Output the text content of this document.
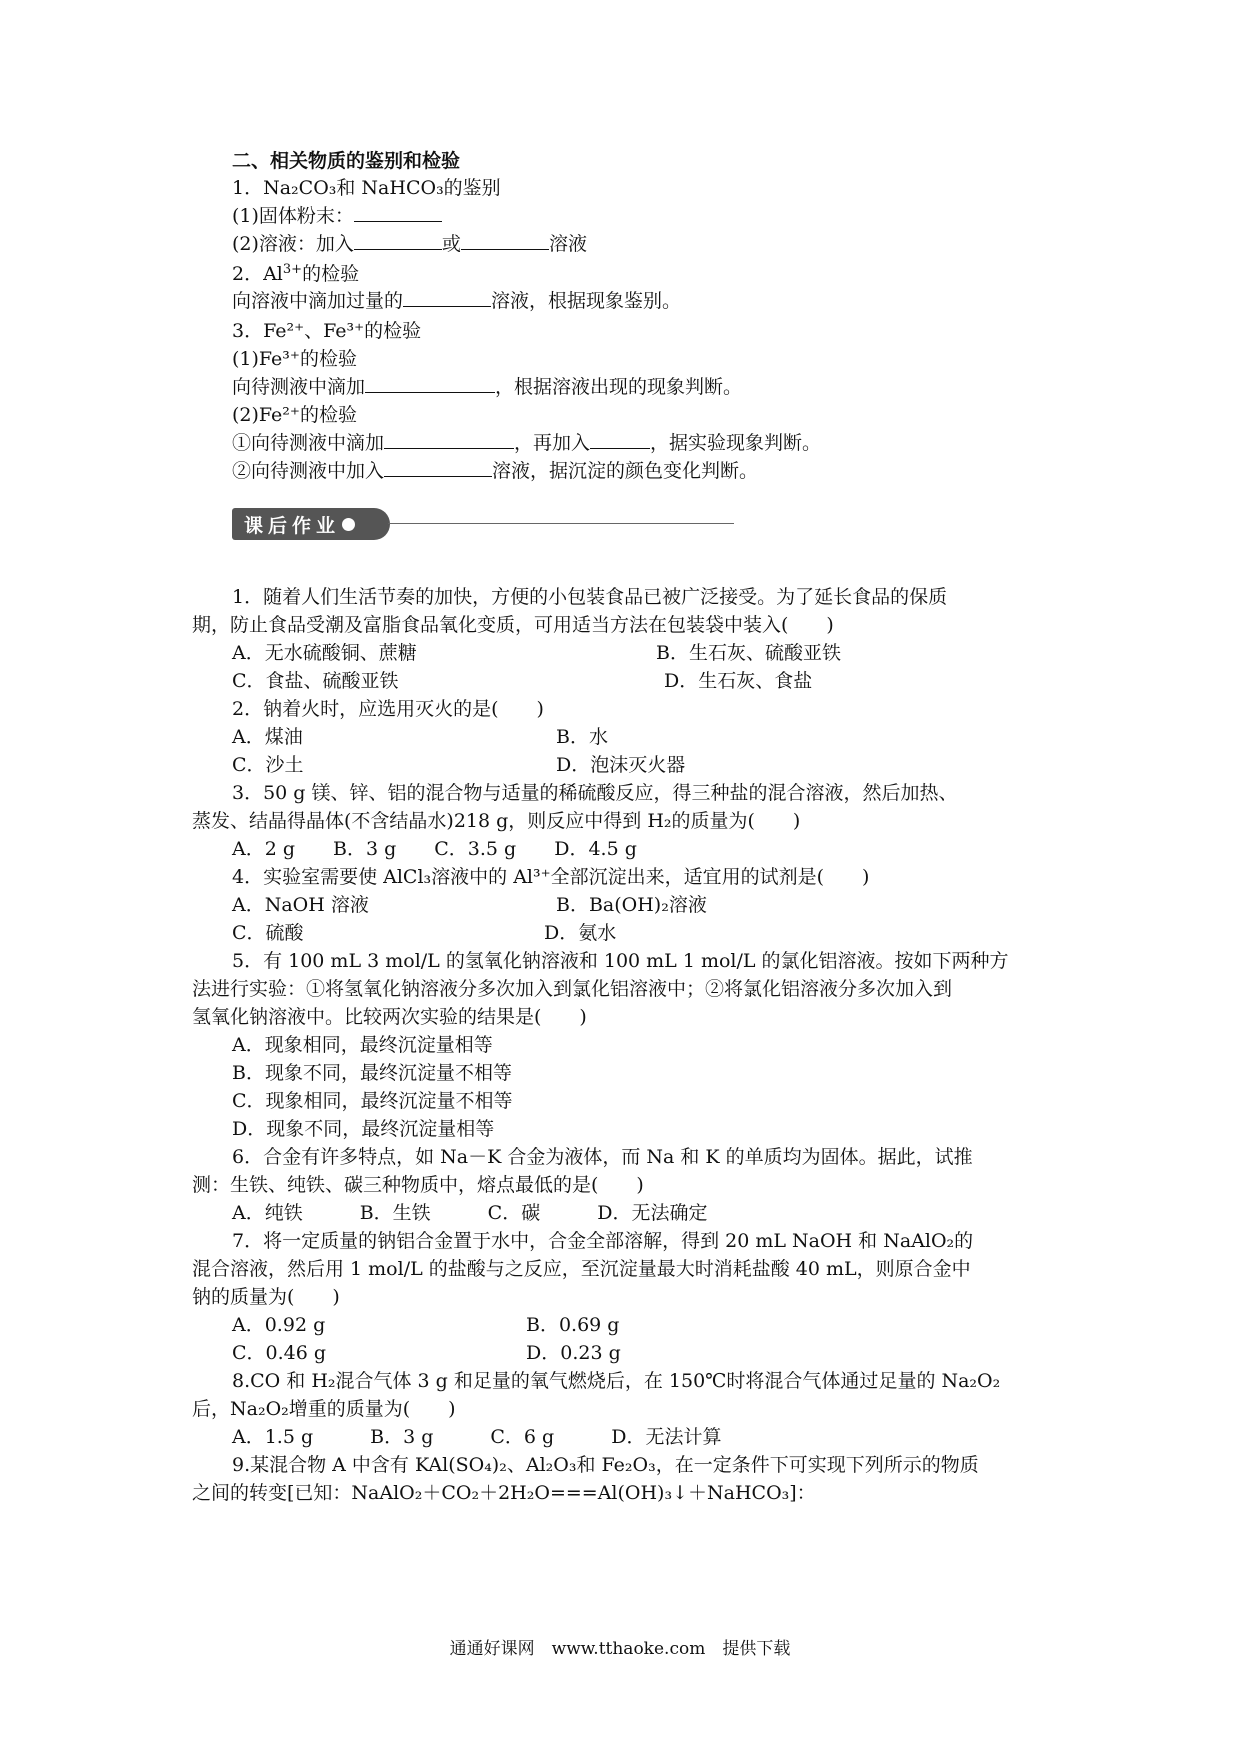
二、相关物质的鉴别和检验
1．Na₂CO₃和 NaHCO₃的鉴别
(1)固体粉末：
(2)溶液：加入	或	溶液
2．$Al^{3+}$的检验
向溶液中滴加过量的	溶液，根据现象鉴别。
3．Fe²⁺、Fe³⁺的检验
(1)Fe³⁺的检验
向待测液中滴加	，根据溶液出现的现象判断。
(2)Fe²⁺的检验
①向待测液中滴加	，再加入	，据实验现象判断。
②向待测液中加入	溶液，据沉淀的颜色变化判断。
课后作业
1．随着人们生活节奏的加快，方便的小包装食品已被广泛接受。为了延长食品的保质
期，防止食品受潮及富脂食品氧化变质，可用适当方法在包装袋中装入(　　)
A．无水硫酸铜、蔗糖	B．生石灰、硫酸亚铁
C．食盐、硫酸亚铁	D．生石灰、食盐
2．钠着火时，应选用灭火的是(　　)
A．煤油	B．水
C．沙土	D．泡沫灭火器
3．50 g 镁、锌、铝的混合物与适量的稀硫酸反应，得三种盐的混合溶液，然后加热、
蒸发、结晶得晶体(不含结晶水)218 g，则反应中得到 H₂的质量为(　　)
A．2 g　　B．3 g　　C．3.5 g　　D．4.5 g
4．实验室需要使 AlCl₃溶液中的 Al³⁺全部沉淀出来，适宜用的试剂是(　　)
A．NaOH 溶液	B．Ba(OH)₂溶液
C．硫酸	D．氨水
5．有 100 mL 3 mol/L 的氢氧化钠溶液和 100 mL 1 mol/L 的氯化铝溶液。按如下两种方
法进行实验：①将氢氧化钠溶液分多次加入到氯化铝溶液中；②将氯化铝溶液分多次加入到
氢氧化钠溶液中。比较两次实验的结果是(　　)
A．现象相同，最终沉淀量相等
B．现象不同，最终沉淀量不相等
C．现象相同，最终沉淀量不相等
D．现象不同，最终沉淀量相等
6．合金有许多特点，如 Na－K 合金为液体，而 Na 和 K 的单质均为固体。据此，试推
测：生铁、纯铁、碳三种物质中，熔点最低的是(　　)
A．纯铁　　　B．生铁　　　C．碳　　　D．无法确定
7．将一定质量的钠铝合金置于水中，合金全部溶解，得到 20 mL NaOH 和 NaAlO₂的
混合溶液，然后用 1 mol/L 的盐酸与之反应，至沉淀量最大时消耗盐酸 40 mL，则原合金中
钠的质量为(　　)
A．0.92 g	B．0.69 g
C．0.46 g	D．0.23 g
8.CO 和 H₂混合气体 3 g 和足量的氧气燃烧后，在 150℃时将混合气体通过足量的 Na₂O₂
后，Na₂O₂增重的质量为(　　)
A．1.5 g　　　B．3 g　　　C．6 g　　　D．无法计算
9.某混合物 A 中含有 KAl(SO₄)₂、Al₂O₃和 Fe₂O₃，在一定条件下可实现下列所示的物质
之间的转变[已知：NaAlO₂＋CO₂＋2H₂O===Al(OH)₃↓＋NaHCO₃]：
通通好课网　www.tthaoke.com　提供下载
